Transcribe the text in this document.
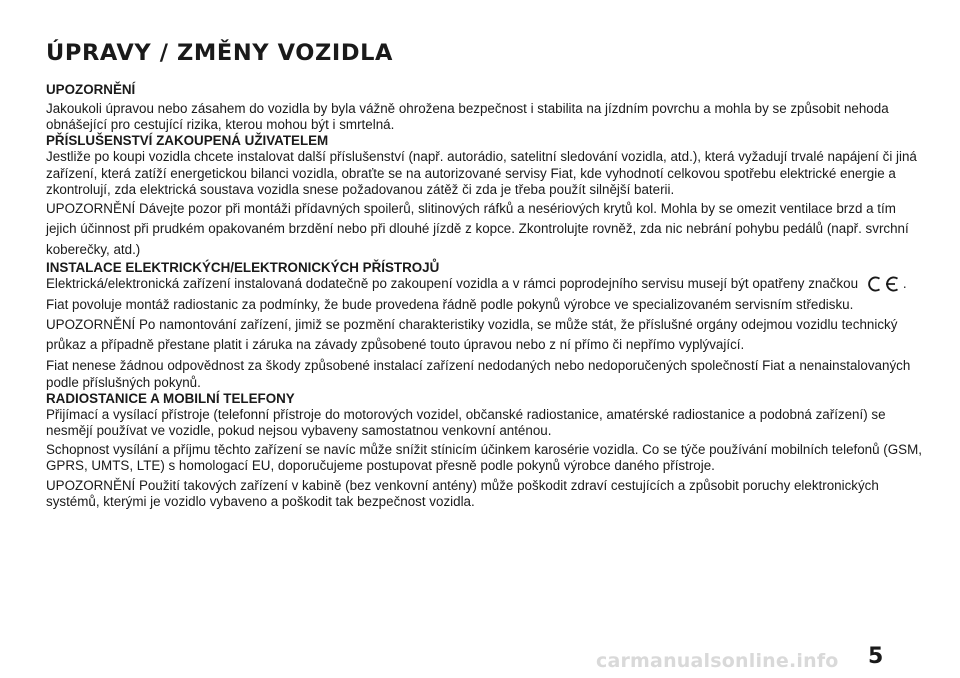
ÚPRAVY / ZMĚNY VOZIDLA
UPOZORNĚNÍ

Jakoukoli úpravou nebo zásahem do vozidla by byla vážně ohrožena bezpečnost i stabilita na jízdním povrchu a mohla by se způsobit nehoda obnášející pro cestující rizika, kterou mohou být i smrtelná.

PŘÍSLUŠENSTVÍ ZAKOUPENÁ UŽIVATELEM

Jestliže po koupi vozidla chcete instalovat další příslušenství (např. autorádio, satelitní sledování vozidla, atd.), která vyžadují trvalé napájení či jiná zařízení, která zatíží energetickou bilanci vozidla, obraťte se na autorizované servisy Fiat, kde vyhodnotí celkovou spotřebu elektrické energie a zkontrolují, zda elektrická soustava vozidla snese požadovanou zátěž či zda je třeba použít silnější baterii.

UPOZORNĚNÍ Dávejte pozor při montáži přídavných spoilerů, slitinových ráfků a nesériových krytů kol. Mohla by se omezit ventilace brzd a tím jejich účinnost při prudkém opakovaném brzdění nebo při dlouhé jízdě z kopce. Zkontrolujte rovněž, zda nic nebrání pohybu pedálů (např. svrchní koberečky, atd.)

INSTALACE ELEKTRICKÝCH/ELEKTRONICKÝCH PŘÍSTROJŮ

Elektrická/elektronická zařízení instalovaná dodatečně po zakoupení vozidla a v rámci poprodejního servisu musejí být opatřeny značkou	.

Fiat povoluje montáž radiostanic za podmínky, že bude provedena řádně podle pokynů výrobce ve specializovaném servisním středisku.

UPOZORNĚNÍ Po namontování zařízení, jimiž se pozmění charakteristiky vozidla, se může stát, že příslušné orgány odejmou vozidlu technický průkaz a případně přestane platit i záruka na závady způsobené touto úpravou nebo z ní přímo či nepřímo vyplývající.

Fiat nenese žádnou odpovědnost za škody způsobené instalací zařízení nedodaných nebo nedoporučených společností Fiat a nenainstalovaných podle příslušných pokynů.

RADIOSTANICE A MOBILNÍ TELEFONY

Přijímací a vysílací přístroje (telefonní přístroje do motorových vozidel, občanské radiostanice, amatérské radiostanice a podobná zařízení) se nesmějí používat ve vozidle, pokud nejsou vybaveny samostatnou venkovní anténou.

Schopnost vysílání a příjmu těchto zařízení se navíc může snížit stínicím účinkem karosérie vozidla. Co se týče používání mobilních telefonů (GSM, GPRS, UMTS, LTE) s homologací EU, doporučujeme postupovat přesně podle pokynů výrobce daného přístroje.

UPOZORNĚNÍ Použití takových zařízení v kabině (bez venkovní antény) může poškodit zdraví cestujících a způsobit poruchy elektronických systémů, kterými je vozidlo vybaveno a poškodit tak bezpečnost vozidla.

5
carmanualsonline.info
